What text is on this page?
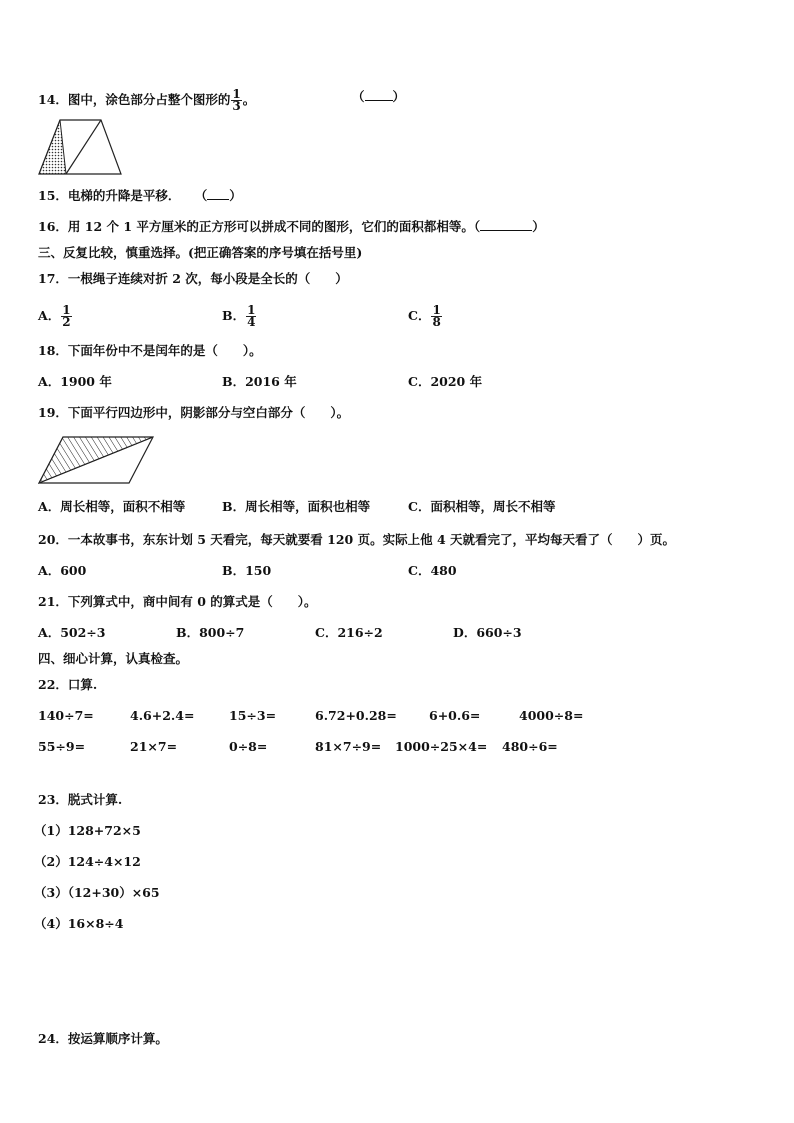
14．图中，涂色部分占整个图形的 $\frac{1}{3}$ 。	（ ）
15．电梯的升降是平移． （ ）
16．用 12 个 1 平方厘米的正方形可以拼成不同的图形，它们的面积都相等。（	）
三、反复比较，慎重选择。(把正确答案的序号填在括号里)
17．一根绳子连续对折 2 次，每小段是全长的（　　）
A． $\frac{1}{2}$	B． $\frac{1}{4}$	C． $\frac{1}{8}$
18．下面年份中不是闰年的是（　　）。
A．1900 年	B．2016 年	C．2020 年
19．下面平行四边形中，阴影部分与空白部分（　　）。
A．周长相等，面积不相等	B．周长相等，面积也相等	C．面积相等，周长不相等
20．一本故事书，东东计划 5 天看完，每天就要看 120 页。实际上他 4 天就看完了，平均每天看了（　　）页。
A．600	B．150	C．480
21．下列算式中，商中间有 0 的算式是（　　）。
A．502÷3	B．800÷7	C．216÷2	D．660÷3
四、细心计算，认真检查。
22．口算.
140÷7=	4.6+2.4=	15÷3=	6.72+0.28=	6+0.6=	4000÷8=
55÷9=	21×7=	0÷8=	81×7÷9= 1000÷25×4= 480÷6=
23．脱式计算.
（1）128+72×5
（2）124÷4×12
（3）（12+30）×65
（4）16×8÷4
24．按运算顺序计算。
